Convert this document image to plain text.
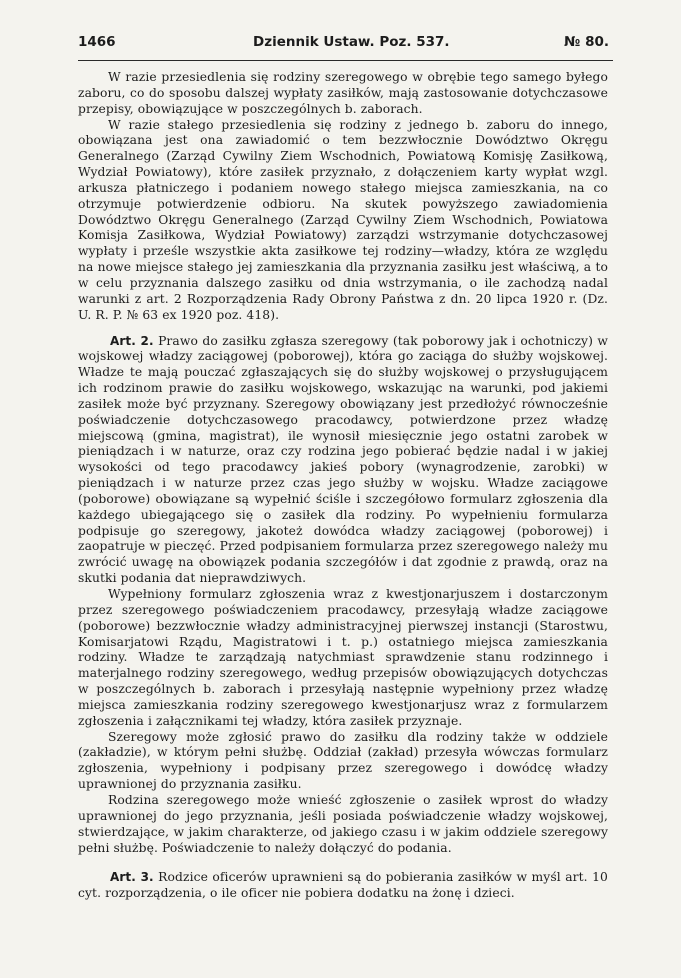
1466	Dziennik Ustaw. Poz. 537.	№ 80.

W razie przesiedlenia się rodziny szeregowego w obrębie tego samego byłego zaboru, co do sposobu dalszej wypłaty zasiłków, mają zastosowanie dotychczasowe przepisy, obowiązujące w poszczególnych b. zaborach.

W razie stałego przesiedlenia się rodziny z jednego b. zaboru do innego, obowiązana jest ona zawiadomić o tem bezzwłocznie Dowództwo Okręgu Generalnego (Zarząd Cywilny Ziem Wschodnich, Powiatową Komisję Zasiłkową, Wydział Powiatowy), które zasiłek przyznało, z dołączeniem karty wypłat wzgl. arkusza płatniczego i podaniem nowego stałego miejsca zamieszkania, na co otrzymuje potwierdzenie odbioru. Na skutek powyższego zawiadomienia Dowództwo Okręgu Generalnego (Zarząd Cywilny Ziem Wschodnich, Powiatowa Komisja Zasiłkowa, Wydział Powiatowy) zarządzi wstrzymanie dotychczasowej wypłaty i prześle wszystkie akta zasiłkowe tej rodziny—władzy, która ze względu na nowe miejsce stałego jej zamieszkania dla przyznania zasiłku jest właściwą, a to w celu przyznania dalszego zasiłku od dnia wstrzymania, o ile zachodzą nadal warunki z art. 2 Rozporządzenia Rady Obrony Państwa z dn. 20 lipca 1920 r. (Dz. U. R. P. № 63 ex 1920 poz. 418).

Art. 2. Prawo do zasiłku zgłasza szeregowy (tak poborowy jak i ochotniczy) w wojskowej władzy zaciągowej (poborowej), która go zaciąga do służby wojskowej. Władze te mają pouczać zgłaszających się do służby wojskowej o przysługującem ich rodzinom prawie do zasiłku wojskowego, wskazując na warunki, pod jakiemi zasiłek może być przyznany. Szeregowy obowiązany jest przedłożyć równocześnie poświadczenie dotychczasowego pracodawcy, potwierdzone przez władzę miejscową (gmina, magistrat), ile wynosił miesięcznie jego ostatni zarobek w pieniądzach i w naturze, oraz czy rodzina jego pobierać będzie nadal i w jakiej wysokości od tego pracodawcy jakieś pobory (wynagrodzenie, zarobki) w pieniądzach i w naturze przez czas jego służby w wojsku. Władze zaciągowe (poborowe) obowiązane są wypełnić ściśle i szczegółowo formularz zgłoszenia dla każdego ubiegającego się o zasiłek dla rodziny. Po wypełnieniu formularza podpisuje go szeregowy, jakoteż dowódca władzy zaciągowej (poborowej) i zaopatruje w pieczęć. Przed podpisaniem formularza przez szeregowego należy mu zwrócić uwagę na obowiązek podania szczegółów i dat zgodnie z prawdą, oraz na skutki podania dat nieprawdziwych.

Wypełniony formularz zgłoszenia wraz z kwestjonarjuszem i dostarczonym przez szeregowego poświadczeniem pracodawcy, przesyłają władze zaciągowe (poborowe) bezzwłocznie władzy administracyjnej pierwszej instancji (Starostwu, Komisarjatowi Rządu, Magistratowi i t. p.) ostatniego miejsca zamieszkania rodziny. Władze te zarządzają natychmiast sprawdzenie stanu rodzinnego i materjalnego rodziny szeregowego, według przepisów obowiązujących dotychczas w poszczególnych b. zaborach i przesyłają następnie wypełniony przez władzę miejsca zamieszkania rodziny szeregowego kwestjonarjusz wraz z formularzem zgłoszenia i załącznikami tej władzy, która zasiłek przyznaje.

Szeregowy może zgłosić prawo do zasiłku dla rodziny także w oddziele (zakładzie), w którym pełni służbę. Oddział (zakład) przesyła wówczas formularz zgłoszenia, wypełniony i podpisany przez szeregowego i dowódcę władzy uprawnionej do przyznania zasiłku.

Rodzina szeregowego może wnieść zgłoszenie o zasiłek wprost do władzy uprawnionej do jego przyznania, jeśli posiada poświadczenie władzy wojskowej, stwierdzające, w jakim charakterze, od jakiego czasu i w jakim oddziele szeregowy pełni służbę. Poświadczenie to należy dołączyć do podania.

Art. 3. Rodzice oficerów uprawnieni są do pobierania zasiłków w myśl art. 10 cyt. rozporządzenia, o ile oficer nie pobiera dodatku na żonę i dzieci.
